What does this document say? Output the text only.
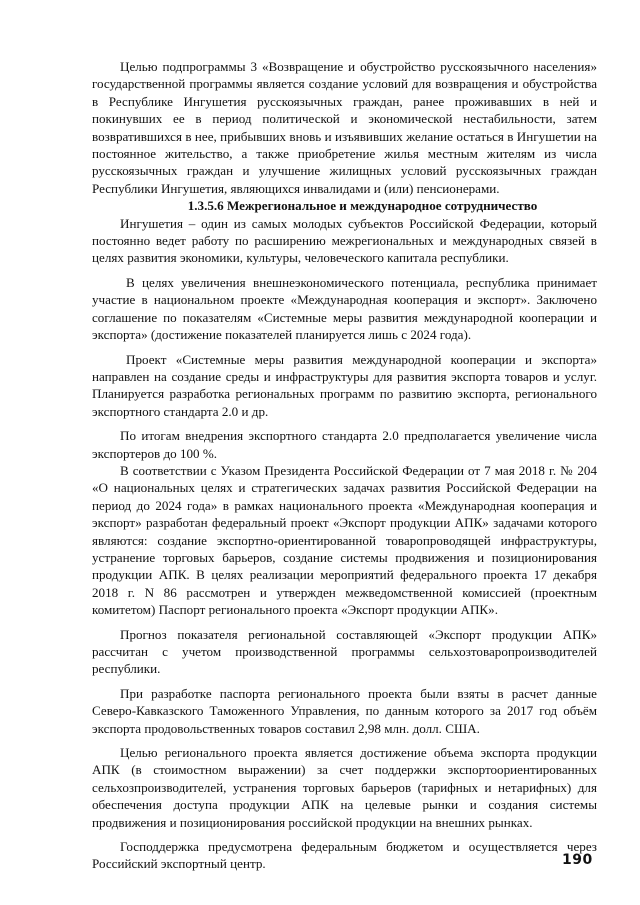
Целью подпрограммы 3 «Возвращение и обустройство русскоязычного населения» государственной программы является создание условий для возвращения и обустройства в Республике Ингушетия русскоязычных граждан, ранее проживавших в ней и покинувших ее в период политической и экономической нестабильности, затем возвратившихся в нее, прибывших вновь и изъявивших желание остаться в Ингушетии на постоянное жительство, а также приобретение жилья местным жителям из числа русскоязычных граждан и улучшение жилищных условий русскоязычных граждан Республики Ингушетия, являющихся инвалидами и (или) пенсионерами.

1.3.5.6 Межрегиональное и международное сотрудничество

Ингушетия – один из самых молодых субъектов Российской Федерации, который постоянно ведет работу по расширению межрегиональных и международных связей в целях развития экономики, культуры, человеческого капитала республики.

В целях увеличения внешнеэкономического потенциала, республика принимает участие в национальном проекте «Международная кооперация и экспорт». Заключено соглашение по показателям «Системные меры развития международной кооперации и экспорта» (достижение показателей планируется лишь с 2024 года).

Проект «Системные меры развития международной кооперации и экспорта» направлен на создание среды и инфраструктуры для развития экспорта товаров и услуг. Планируется разработка региональных программ по развитию экспорта, регионального экспортного стандарта 2.0 и др.

По итогам внедрения экспортного стандарта 2.0 предполагается увеличение числа экспортеров до 100 %.

В соответствии с Указом Президента Российской Федерации от 7 мая 2018 г. № 204 «О национальных целях и стратегических задачах развития Российской Федерации на период до 2024 года» в рамках национального проекта «Международная кооперация и экспорт» разработан федеральный проект «Экспорт продукции АПК» задачами которого являются: создание экспортно-ориентированной товаропроводящей инфраструктуры, устранение торговых барьеров, создание системы продвижения и позиционирования продукции АПК. В целях реализации мероприятий федерального проекта 17 декабря 2018 г. N 86 рассмотрен и утвержден межведомственной комиссией (проектным комитетом) Паспорт регионального проекта «Экспорт продукции АПК».

Прогноз показателя региональной составляющей «Экспорт продукции АПК» рассчитан с учетом производственной программы сельхозтоваропроизводителей республики.

При разработке паспорта регионального проекта были взяты в расчет данные Северо-Кавказского Таможенного Управления, по данным которого за 2017 год объём экспорта продовольственных товаров составил 2,98 млн. долл. США.

Целью регионального проекта является достижение объема экспорта продукции АПК (в стоимостном выражении) за счет поддержки экспортоориентированных сельхозпроизводителей, устранения торговых барьеров (тарифных и нетарифных) для обеспечения доступа продукции АПК на целевые рынки и создания системы продвижения и позиционирования российской продукции на внешних рынках.

Господдержка предусмотрена федеральным бюджетом и осуществляется через Российский экспортный центр.	190
